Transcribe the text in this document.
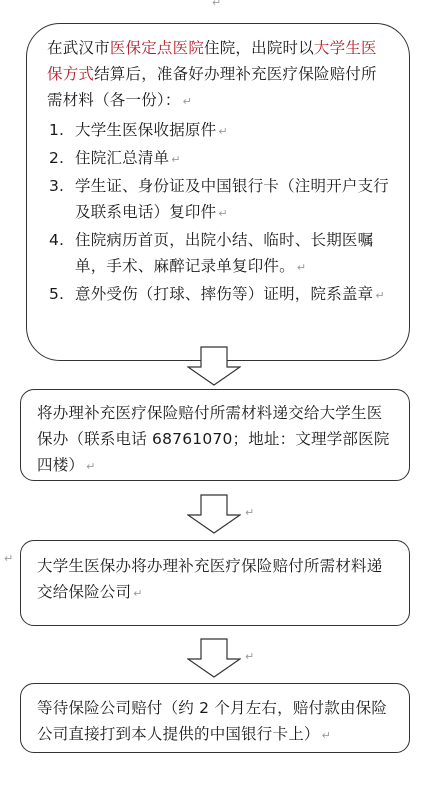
↵

在武汉市医保定点医院住院，出院时以大学生医保方式结算后，准备好办理补充医疗保险赔付所需材料（各一份）： ↵

1. 大学生医保收据原件 ↵
2. 住院汇总清单 ↵
3. 学生证、身份证及中国银行卡（注明开户支行及联系电话）复印件 ↵
4. 住院病历首页，出院小结、临时、长期医嘱单，手术、麻醉记录单复印件。 ↵
5. 意外受伤（打球、摔伤等）证明，院系盖章 ↵

将办理补充医疗保险赔付所需材料递交给大学生医保办（联系电话 68761070；地址：文理学部医院四楼） ↵

↵

大学生医保办将办理补充医疗保险赔付所需材料递交给保险公司 ↵

↵
↵

等待保险公司赔付（约 2 个月左右，赔付款由保险公司直接打到本人提供的中国银行卡上） ↵
